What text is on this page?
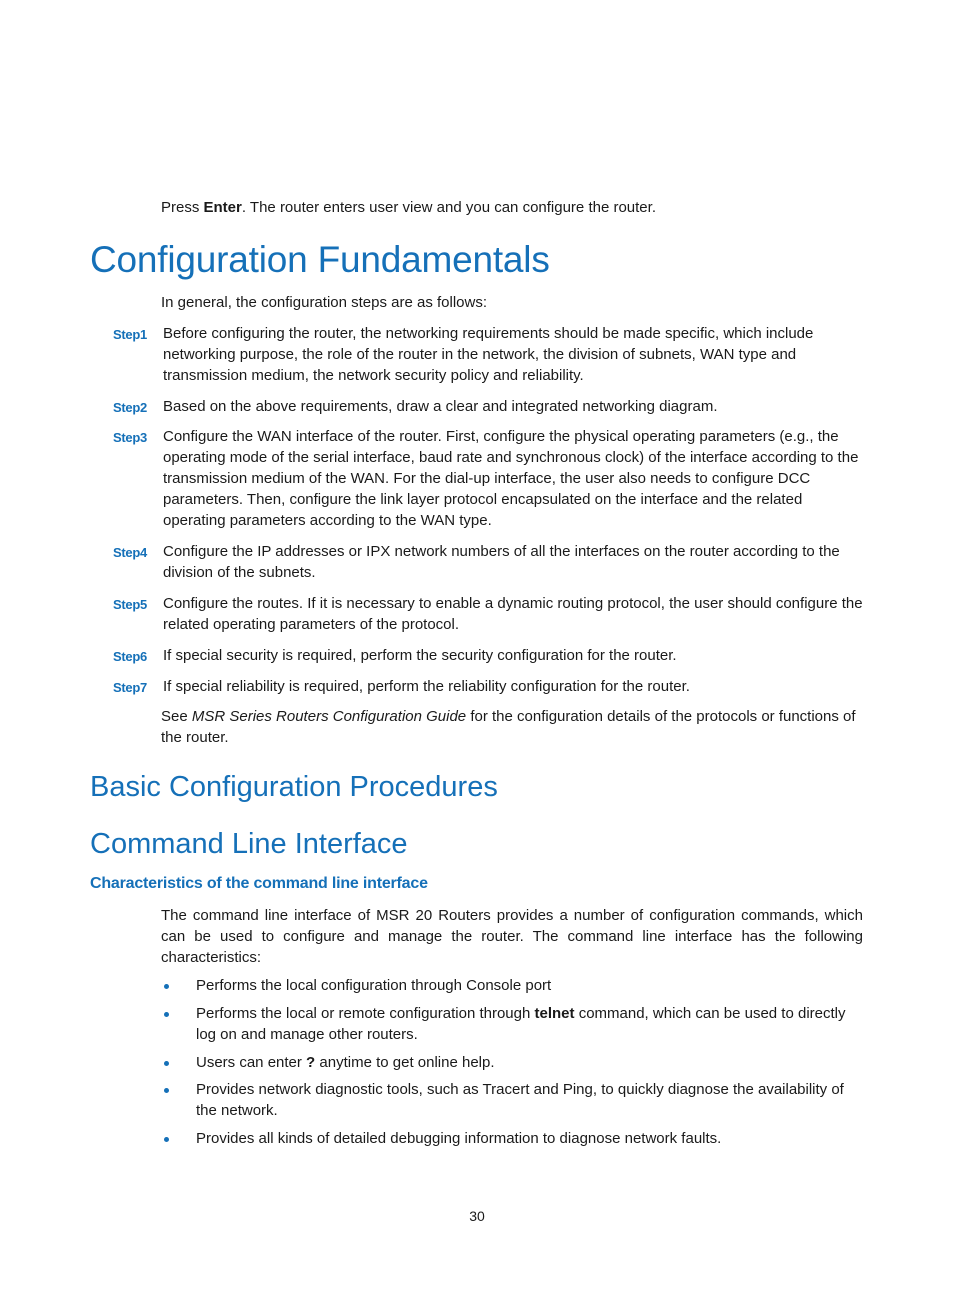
Press Enter. The router enters user view and you can configure the router.
Configuration Fundamentals
In general, the configuration steps are as follows:
Step1 Before configuring the router, the networking requirements should be made specific, which include networking purpose, the role of the router in the network, the division of subnets, WAN type and transmission medium, the network security policy and reliability.
Step2 Based on the above requirements, draw a clear and integrated networking diagram.
Step3 Configure the WAN interface of the router. First, configure the physical operating parameters (e.g., the operating mode of the serial interface, baud rate and synchronous clock) of the interface according to the transmission medium of the WAN. For the dial-up interface, the user also needs to configure DCC parameters. Then, configure the link layer protocol encapsulated on the interface and the related operating parameters according to the WAN type.
Step4 Configure the IP addresses or IPX network numbers of all the interfaces on the router according to the division of the subnets.
Step5 Configure the routes. If it is necessary to enable a dynamic routing protocol, the user should configure the related operating parameters of the protocol.
Step6 If special security is required, perform the security configuration for the router.
Step7 If special reliability is required, perform the reliability configuration for the router.
See MSR Series Routers Configuration Guide for the configuration details of the protocols or functions of the router.
Basic Configuration Procedures
Command Line Interface
Characteristics of the command line interface
The command line interface of MSR 20 Routers provides a number of configuration commands, which can be used to configure and manage the router. The command line interface has the following characteristics:
Performs the local configuration through Console port
Performs the local or remote configuration through telnet command, which can be used to directly log on and manage other routers.
Users can enter ? anytime to get online help.
Provides network diagnostic tools, such as Tracert and Ping, to quickly diagnose the availability of the network.
Provides all kinds of detailed debugging information to diagnose network faults.
30
